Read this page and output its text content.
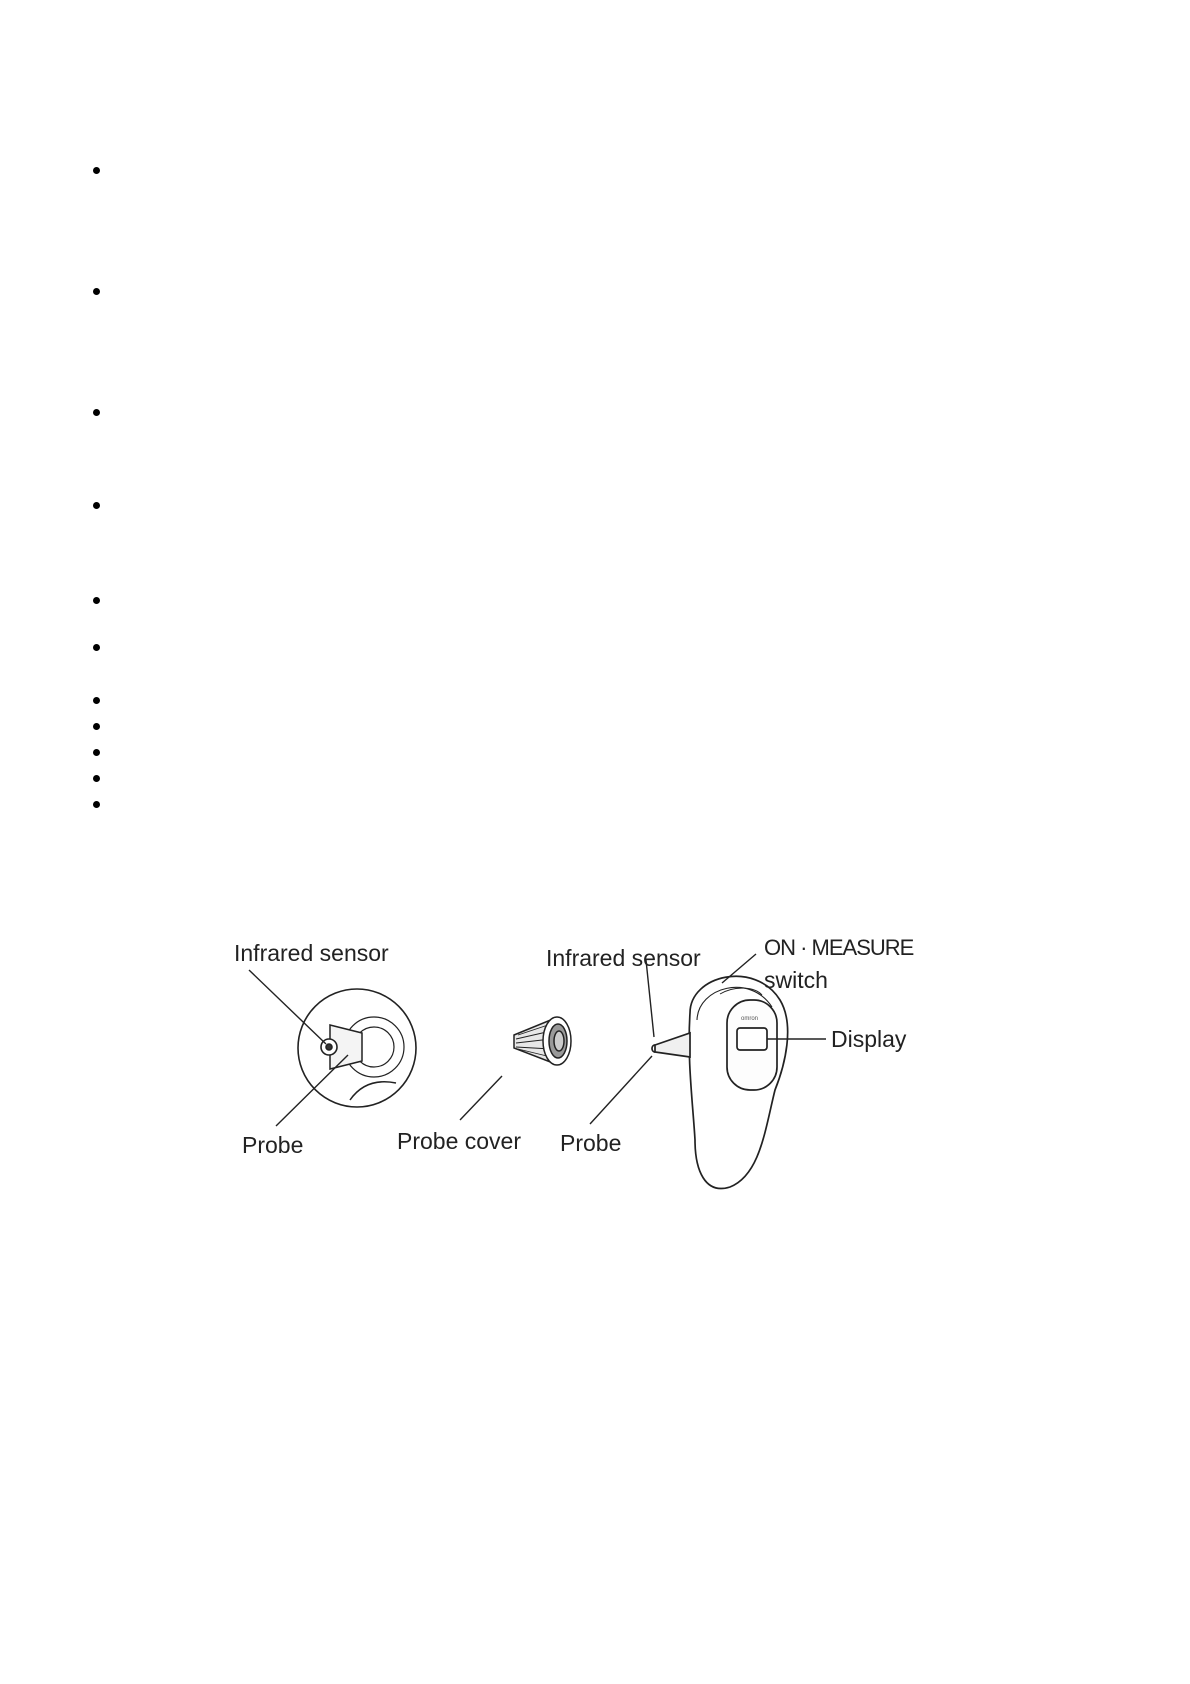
Infrared sensor
Probe	Probe cover
omron
Infrared sensor	ON · MEASURE
switch
Display
Probe
